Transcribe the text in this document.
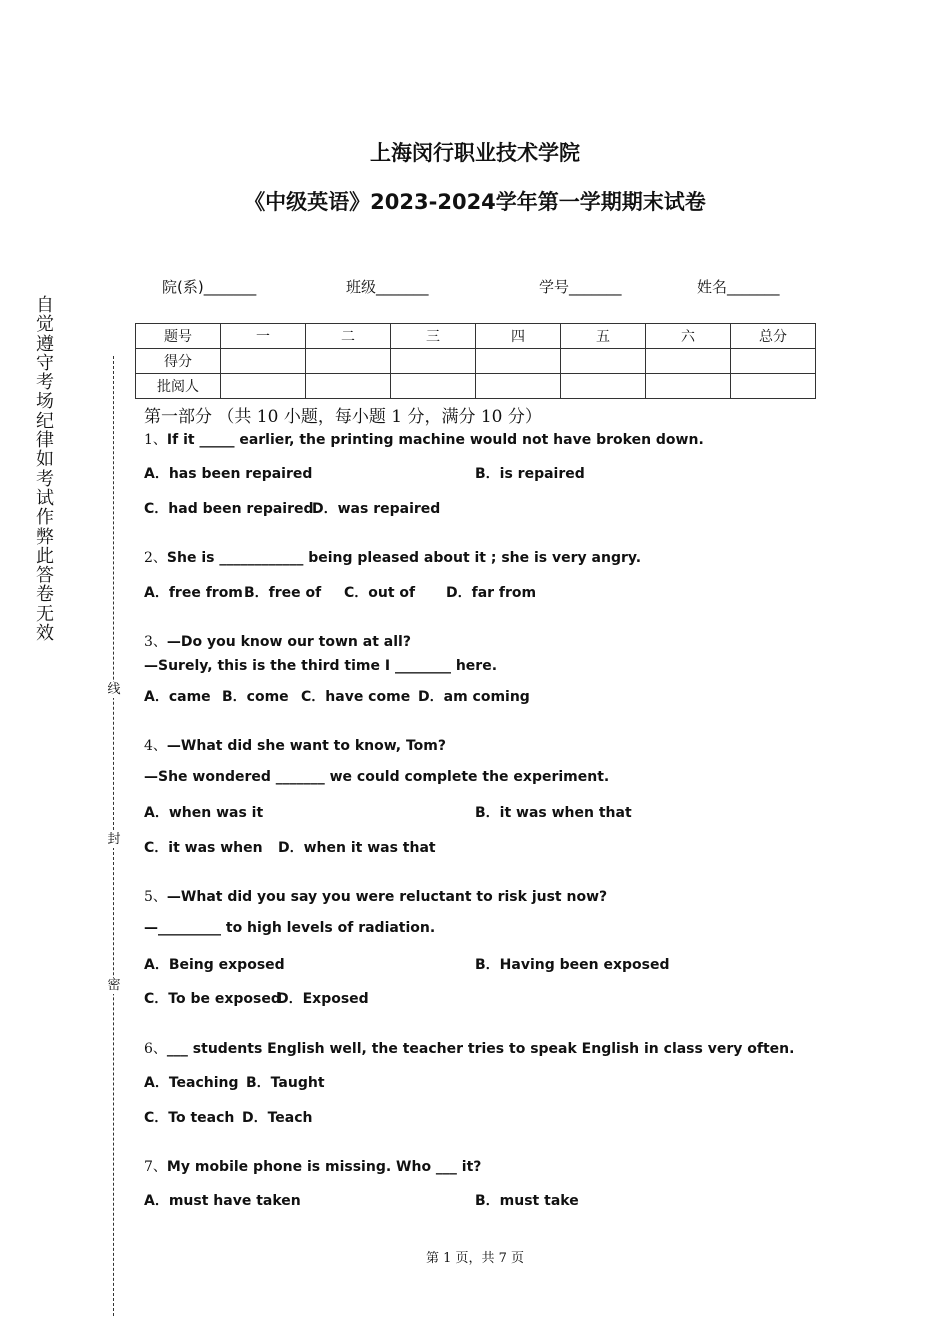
上海闵行职业技术学院
《中级英语》2023-2024学年第一学期期末试卷
自
觉
遵
守
考
场
纪
律
如
考
试
作
弊
此
答
卷
无
效
线
封
密
院(系)_______	班级_______	学号_______	姓名_______
题号	一	二	三	四	五	六	总分
得分							
批阅人							
第一部分 （共 10 小题，每小题 1 分，满分 10 分）
1、If it _____ earlier, the printing machine would not have broken down.
A．has been repaired	B．is repaired
C．had been repaired
D．was repaired
2、She is ____________ being pleased about it ; she is very angry.
A．free from B．free of C．out of D．far from
3、—Do you know our town at all?
—Surely, this is the third time I ________ here.
A．came B．come C．have come D．am coming
4、—What did she want to know, Tom?
—She wondered _______ we could complete the experiment.
A．when was it	B．it was when that
C．it was when D．when it was that
5、—What did you say you were reluctant to risk just now?
—_________ to high levels of radiation.
A．Being exposed	B．Having been exposed
C．To be exposed
D．Exposed
6、___ students English well, the teacher tries to speak English in class very often.
A．Teaching B．Taught
C．To teach D．Teach
7、My mobile phone is missing. Who ___ it?
A．must have taken	B．must take
第 1 页，共 7 页
